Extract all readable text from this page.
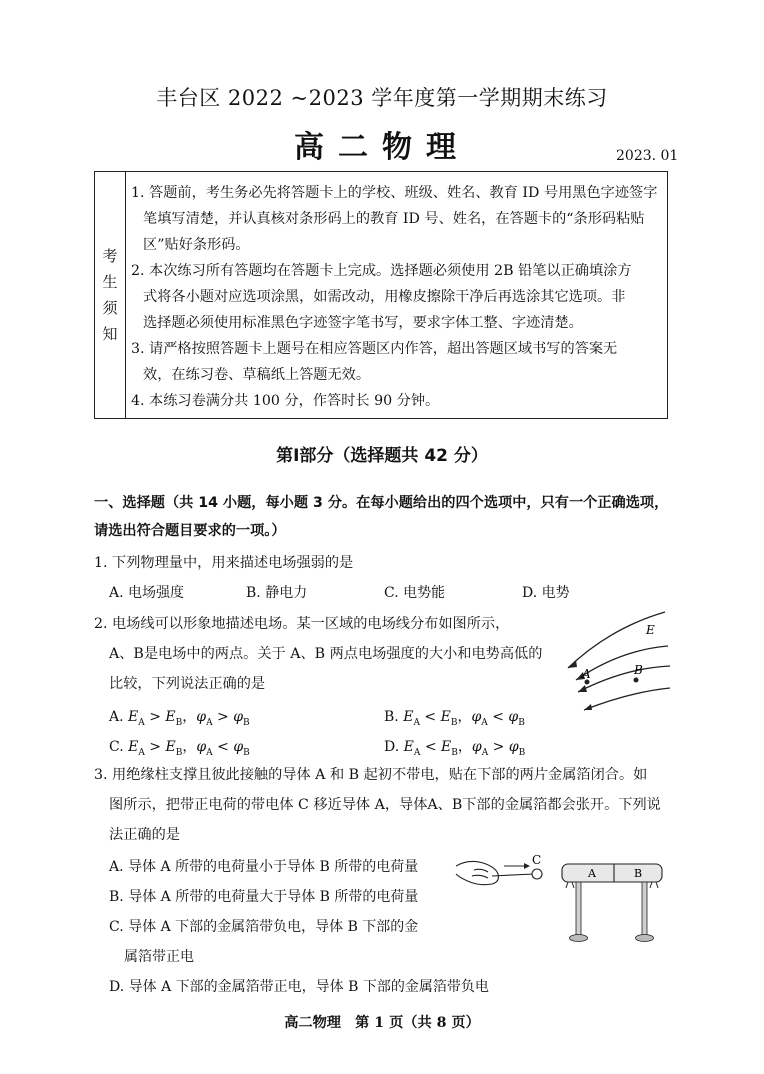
丰台区 2022 ~2023 学年度第一学期期末练习
高二物理	2023. 01
考
生
须
知
1. 答题前，考生务必先将答题卡上的学校、班级、姓名、教育 ID 号用黑色字迹签字
笔填写清楚，并认真核对条形码上的教育 ID 号、姓名，在答题卡的“条形码粘贴
区”贴好条形码。
2. 本次练习所有答题均在答题卡上完成。选择题必须使用 2B 铅笔以正确填涂方
式将各小题对应选项涂黑，如需改动，用橡皮擦除干净后再选涂其它选项。非
选择题必须使用标准黑色字迹签字笔书写，要求字体工整、字迹清楚。
3. 请严格按照答题卡上题号在相应答题区内作答，超出答题区域书写的答案无
效，在练习卷、草稿纸上答题无效。
4. 本练习卷满分共 100 分，作答时长 90 分钟。
第Ⅰ部分（选择题共 42 分）
一、选择题（共 14 小题，每小题 3 分。在每小题给出的四个选项中，只有一个正确选项，
请选出符合题目要求的一项。）
1. 下列物理量中，用来描述电场强弱的是
A. 电场强度	B. 静电力	C. 电势能	D. 电势
2. 电场线可以形象地描述电场。某一区域的电场线分布如图所示，
A、B是电场中的两点。关于 A、B 两点电场强度的大小和电势高低的
比较，下列说法正确的是
A. $E_A > E_B$，$\varphi_A > \varphi_B$	B. $E_A < E_B$，$\varphi_A < \varphi_B$
C. $E_A > E_B$，$\varphi_A < \varphi_B$	D. $E_A < E_B$，$\varphi_A > \varphi_B$
E
A	B
3. 用绝缘柱支撑且彼此接触的导体 A 和 B 起初不带电，贴在下部的两片金属箔闭合。如
图所示，把带正电荷的带电体 C 移近导体 A，导体A、B下部的金属箔都会张开。下列说
法正确的是
A. 导体 A 所带的电荷量小于导体 B 所带的电荷量
B. 导体 A 所带的电荷量大于导体 B 所带的电荷量
C. 导体 A 下部的金属箔带负电，导体 B 下部的金
属箔带正电
D. 导体 A 下部的金属箔带正电，导体 B 下部的金属箔带负电
C
A	B
高二物理　第 1 页（共 8 页）
